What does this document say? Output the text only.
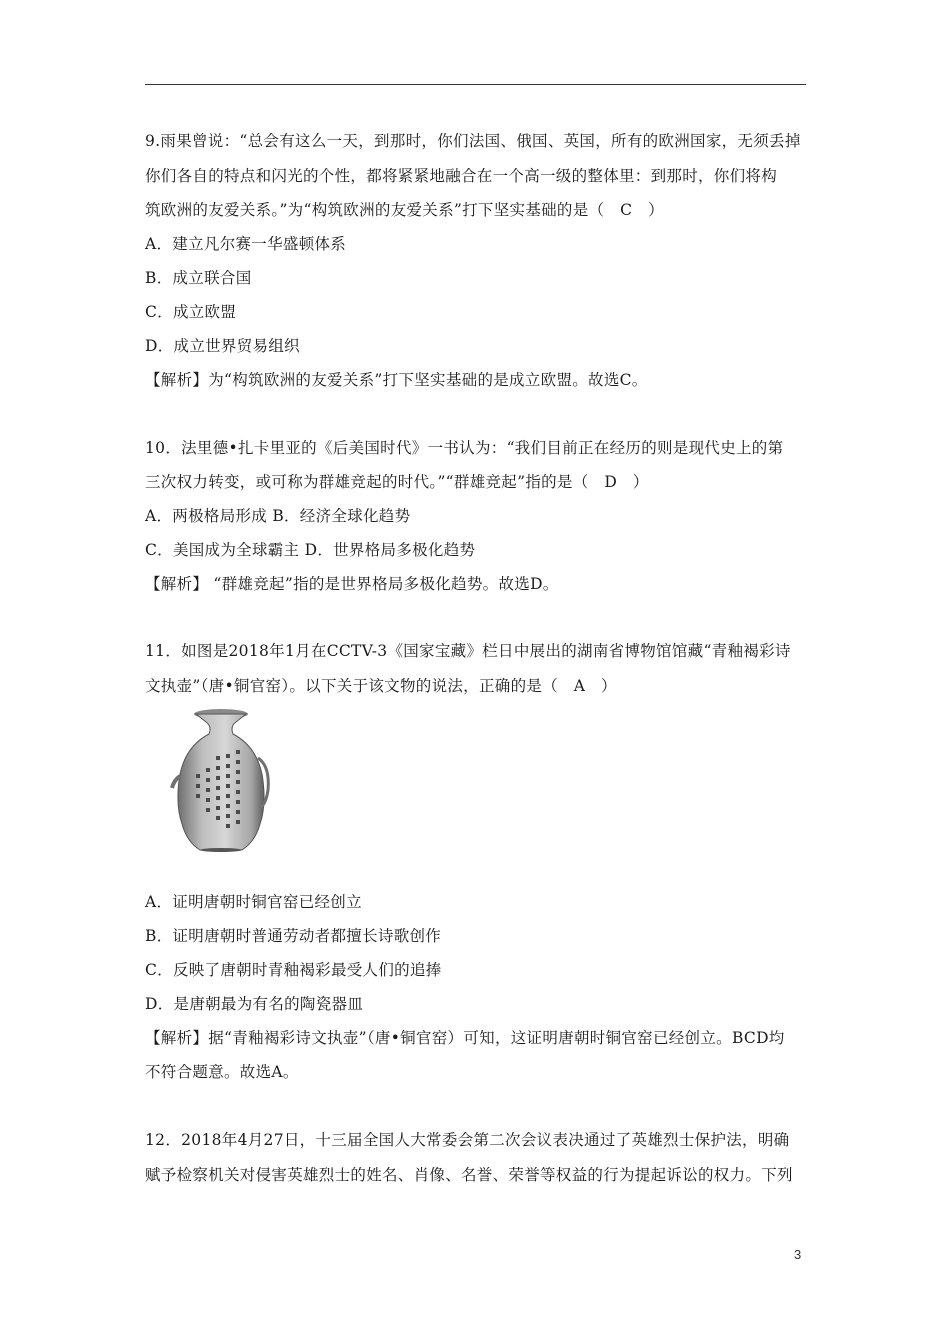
9.雨果曾说：“总会有这么一天，到那时，你们法国、俄国、英国，所有的欧洲国家，无须丢掉
你们各自的特点和闪光的个性，都将紧紧地融合在一个高一级的整体里：到那时，你们将构
筑欧洲的友爱关系。”为“构筑欧洲的友爱关系”打下坚实基础的是（　C　）
A．建立凡尔赛一华盛顿体系
B．成立联合国
C．成立欧盟
D．成立世界贸易组织
【解析】为“构筑欧洲的友爱关系”打下坚实基础的是成立欧盟。故选C。
10．法里德•扎卡里亚的《后美国时代》一书认为：“我们目前正在经历的则是现代史上的第
三次权力转变，或可称为群雄竞起的时代。”“群雄竞起”指的是（　D　）
A．两极格局形成 B．经济全球化趋势
C．美国成为全球霸主 D．世界格局多极化趋势
【解析】 “群雄竞起”指的是世界格局多极化趋势。故选D。
11．如图是2018年1月在CCTV-3《国家宝藏》栏日中展出的湖南省博物馆馆藏“青釉褐彩诗
文执壶”（唐•铜官窑）。以下关于该文物的说法，正确的是（　A　）
A．证明唐朝时铜官窑已经创立
B．证明唐朝时普通劳动者都擅长诗歌创作
C．反映了唐朝时青釉褐彩最受人们的追捧
D．是唐朝最为有名的陶瓷器皿
【解析】据“青釉褐彩诗文执壶”（唐•铜官窑）可知，这证明唐朝时铜官窑已经创立。BCD均
不符合题意。故选A。
12．2018年4月27日，十三届全国人大常委会第二次会议表决通过了英雄烈士保护法，明确
赋予检察机关对侵害英雄烈士的姓名、肖像、名誉、荣誉等权益的行为提起诉讼的权力。下列
3
